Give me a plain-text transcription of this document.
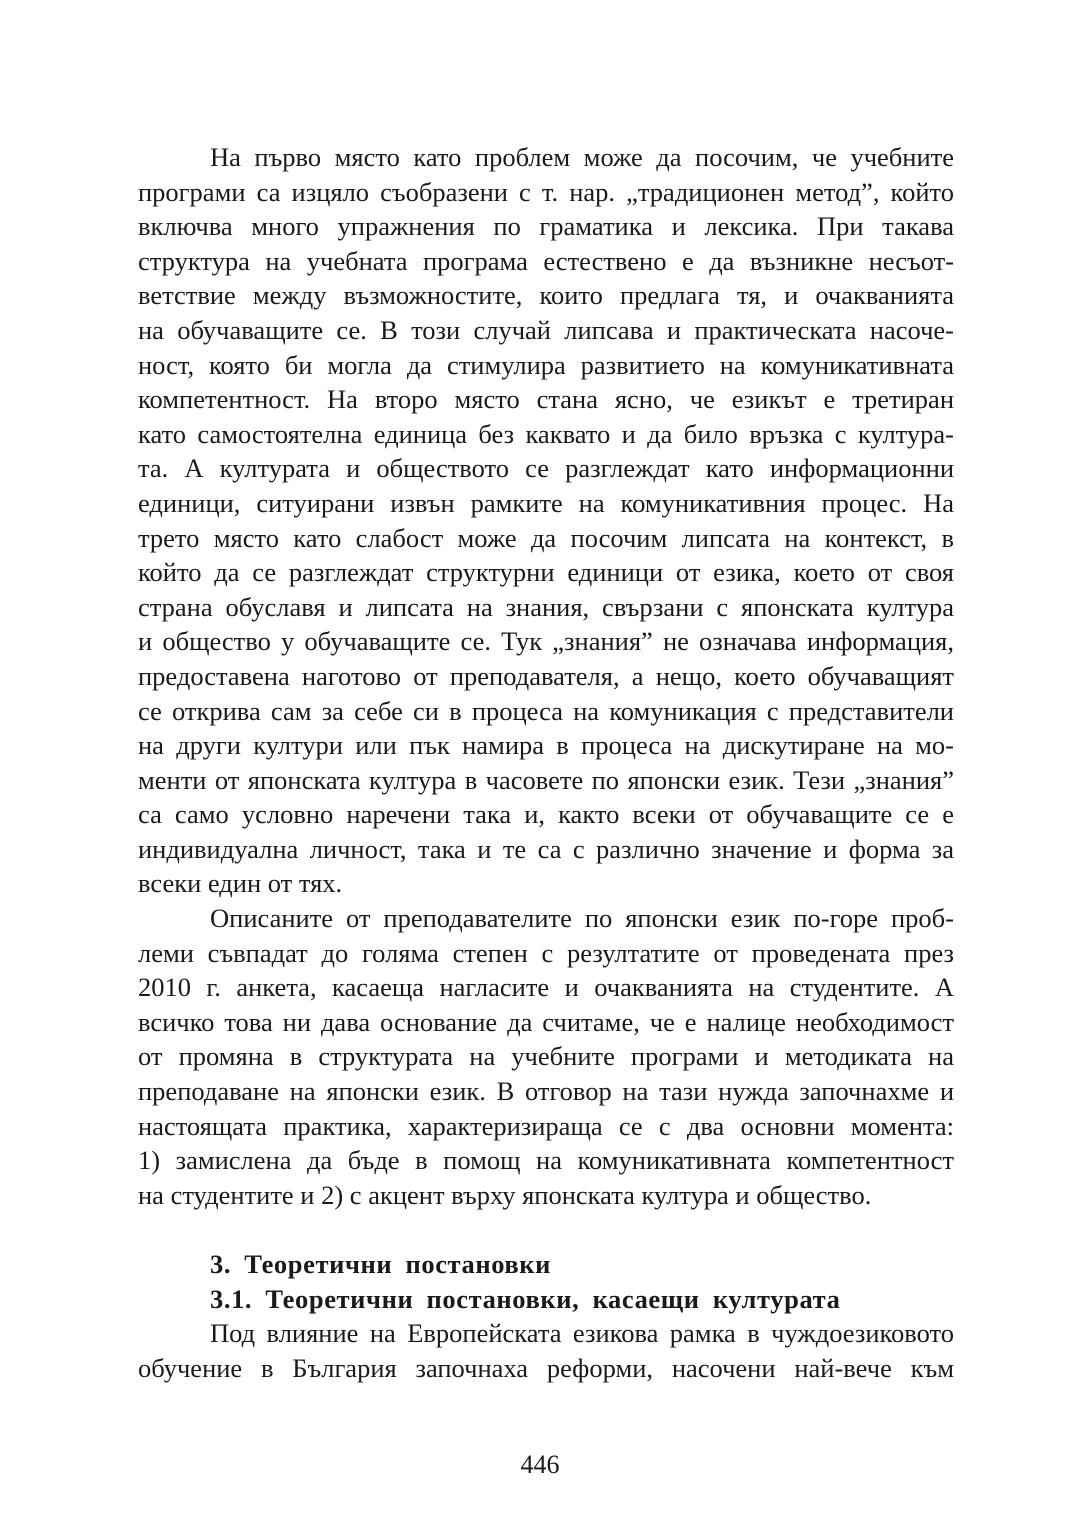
На първо място като проблем може да посочим, че учебните
програми са изцяло съобразени с т. нар. „традиционен метод”, който
включва много упражнения по граматика и лексика. При такава
структура на учебната програма естествено е да възникне несъот-
ветствие между възможностите, които предлага тя, и очакванията
на обучаващите се. В този случай липсава и практическата насоче-
ност, която би могла да стимулира развитието на комуникативната
компетентност. На второ място стана ясно, че езикът е третиран
като самостоятелна единица без каквато и да било връзка с култура-
та. А културата и обществото се разглеждат като информационни
единици, ситуирани извън рамките на комуникативния процес. На
трето място като слабост може да посочим липсата на контекст, в
който да се разглеждат структурни единици от езика, което от своя
страна обуславя и липсата на знания, свързани с японската култура
и общество у обучаващите се. Тук „знания” не означава информация,
предоставена наготово от преподавателя, а нещо, което обучаващият
се открива сам за себе си в процеса на комуникация с представители
на други култури или пък намира в процеса на дискутиране на мо-
менти от японската култура в часовете по японски език. Тези „знания”
са само условно наречени така и, както всеки от обучаващите се е
индивидуална личност, така и те са с различно значение и форма за
всеки един от тях.
Описаните от преподавателите по японски език по-горе проб-
леми съвпадат до голяма степен с резултатите от проведената през
2010 г. анкета, касаеща нагласите и очакванията на студентите. А
всичко това ни дава основание да считаме, че е налице необходимост
от промяна в структурата на учебните програми и методиката на
преподаване на японски език. В отговор на тази нужда започнахме и
настоящата практика, характеризираща се с два основни момента:
1) замислена да бъде в помощ на комуникативната компетентност
на студентите и 2) с акцент върху японската култура и общество.
3. Теоретични постановки
3.1. Теоретични постановки, касаещи културата
Под влияние на Европейската езикова рамка в чуждоезиковото
обучение в България започнаха реформи, насочени най-вече към
446
